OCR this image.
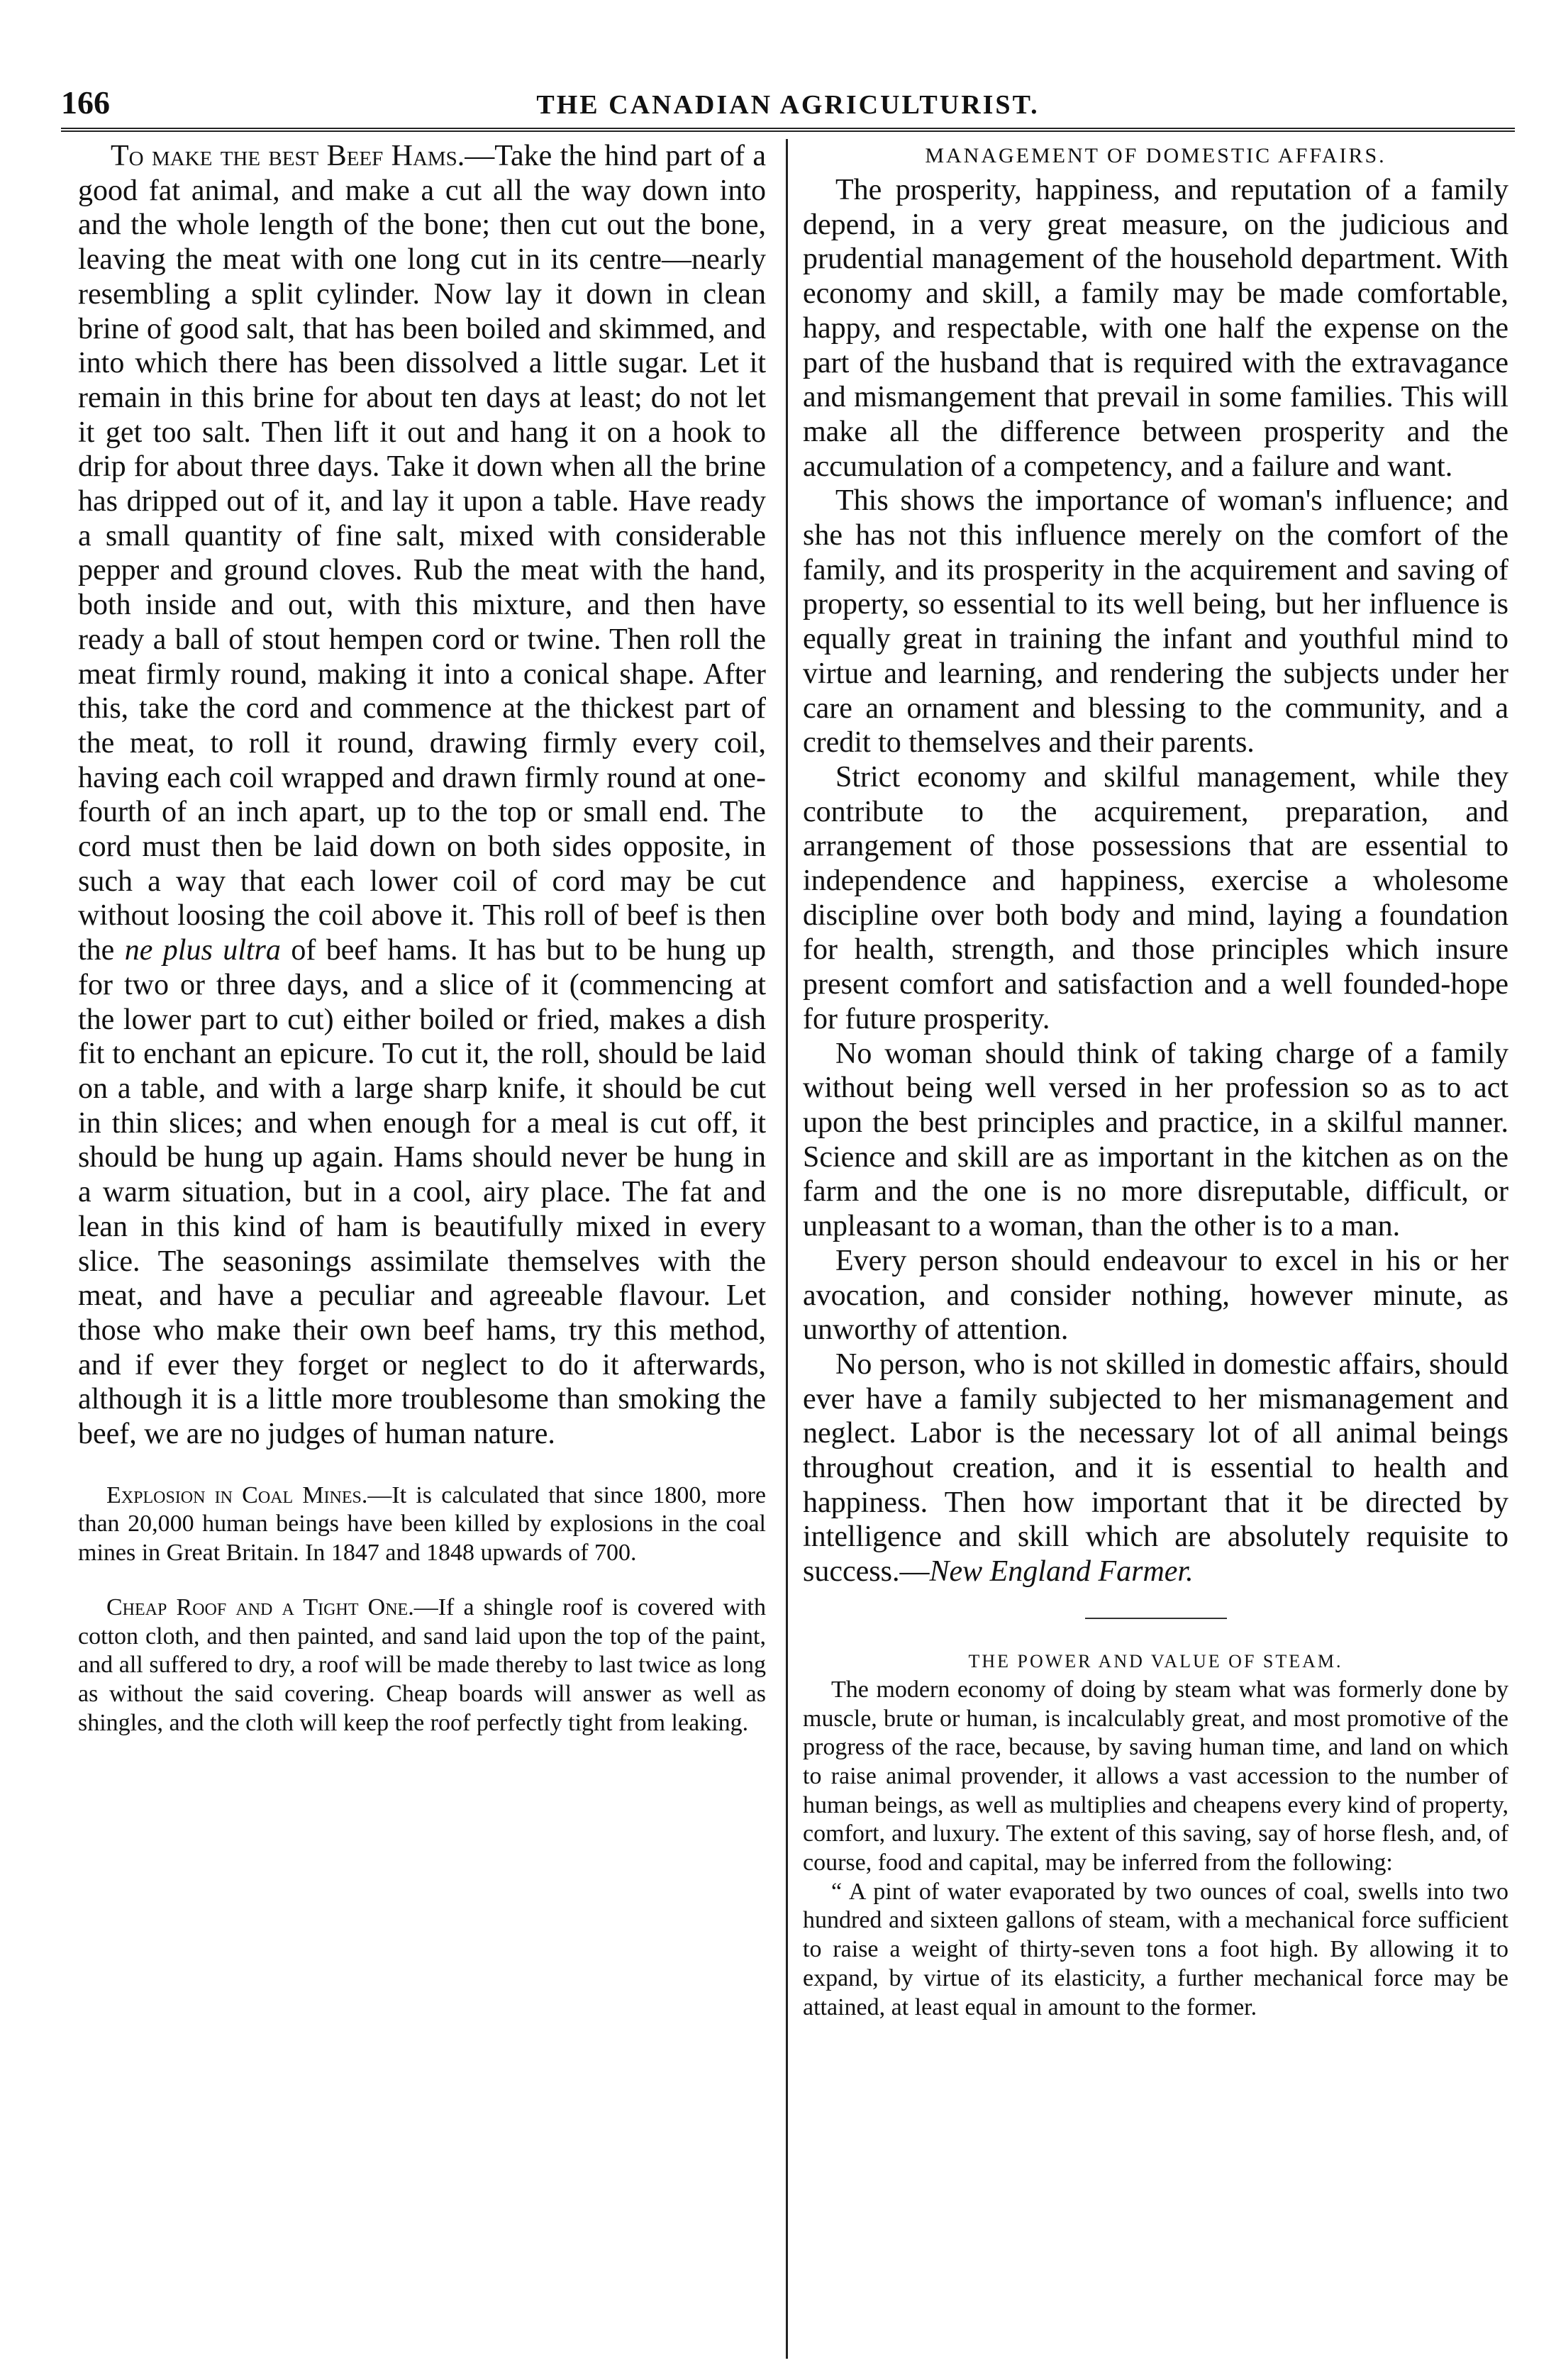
166	THE CANADIAN AGRICULTURIST.

To make the best Beef Hams.—Take the hind part of a good fat animal, and make a cut all the way down into and the whole length of the bone; then cut out the bone, leaving the meat with one long cut in its centre—nearly resembling a split cylinder. Now lay it down in clean brine of good salt, that has been boiled and skimmed, and into which there has been dissolved a little sugar. Let it remain in this brine for about ten days at least; do not let it get too salt. Then lift it out and hang it on a hook to drip for about three days. Take it down when all the brine has dripped out of it, and lay it upon a table. Have ready a small quantity of fine salt, mixed with considerable pepper and ground cloves. Rub the meat with the hand, both inside and out, with this mixture, and then have ready a ball of stout hempen cord or twine. Then roll the meat firmly round, making it into a conical shape. After this, take the cord and commence at the thickest part of the meat, to roll it round, drawing firmly every coil, having each coil wrapped and drawn firmly round at one-fourth of an inch apart, up to the top or small end. The cord must then be laid down on both sides opposite, in such a way that each lower coil of cord may be cut without loosing the coil above it. This roll of beef is then the ne plus ultra of beef hams. It has but to be hung up for two or three days, and a slice of it (commencing at the lower part to cut) either boiled or fried, makes a dish fit to enchant an epicure. To cut it, the roll, should be laid on a table, and with a large sharp knife, it should be cut in thin slices; and when enough for a meal is cut off, it should be hung up again. Hams should never be hung in a warm situation, but in a cool, airy place. The fat and lean in this kind of ham is beautifully mixed in every slice. The seasonings assimilate themselves with the meat, and have a peculiar and agreeable flavour. Let those who make their own beef hams, try this method, and if ever they forget or neglect to do it afterwards, although it is a little more troublesome than smoking the beef, we are no judges of human nature.

Explosion in Coal Mines.—It is calculated that since 1800, more than 20,000 human beings have been killed by explosions in the coal mines in Great Britain. In 1847 and 1848 upwards of 700.

Cheap Roof and a Tight One.—If a shingle roof is covered with cotton cloth, and then painted, and sand laid upon the top of the paint, and all suffered to dry, a roof will be made thereby to last twice as long as without the said covering. Cheap boards will answer as well as shingles, and the cloth will keep the roof perfectly tight from leaking.

MANAGEMENT OF DOMESTIC AFFAIRS.

The prosperity, happiness, and reputation of a family depend, in a very great measure, on the judicious and prudential management of the household department. With economy and skill, a family may be made comfortable, happy, and respectable, with one half the expense on the part of the husband that is required with the extravagance and mismangement that prevail in some families. This will make all the difference between prosperity and the accumulation of a competency, and a failure and want.

This shows the importance of woman's influence; and she has not this influence merely on the comfort of the family, and its prosperity in the acquirement and saving of property, so essential to its well being, but her influence is equally great in training the infant and youthful mind to virtue and learning, and rendering the subjects under her care an ornament and blessing to the community, and a credit to themselves and their parents.

Strict economy and skilful management, while they contribute to the acquirement, preparation, and arrangement of those possessions that are essential to independence and happiness, exercise a wholesome discipline over both body and mind, laying a foundation for health, strength, and those principles which insure present comfort and satisfaction and a well founded-hope for future prosperity.

No woman should think of taking charge of a family without being well versed in her profession so as to act upon the best principles and practice, in a skilful manner. Science and skill are as important in the kitchen as on the farm and the one is no more disreputable, difficult, or unpleasant to a woman, than the other is to a man.

Every person should endeavour to excel in his or her avocation, and consider nothing, however minute, as unworthy of attention.

No person, who is not skilled in domestic affairs, should ever have a family subjected to her mismanagement and neglect. Labor is the necessary lot of all animal beings throughout creation, and it is essential to health and happiness. Then how important that it be directed by intelligence and skill which are absolutely requisite to success.—New England Farmer.

THE POWER AND VALUE OF STEAM.

The modern economy of doing by steam what was formerly done by muscle, brute or human, is incalculably great, and most promotive of the progress of the race, because, by saving human time, and land on which to raise animal provender, it allows a vast accession to the number of human beings, as well as multiplies and cheapens every kind of property, comfort, and luxury. The extent of this saving, say of horse flesh, and, of course, food and capital, may be inferred from the following:

“ A pint of water evaporated by two ounces of coal, swells into two hundred and sixteen gallons of steam, with a mechanical force sufficient to raise a weight of thirty-seven tons a foot high. By allowing it to expand, by virtue of its elasticity, a further mechanical force may be attained, at least equal in amount to the former.
